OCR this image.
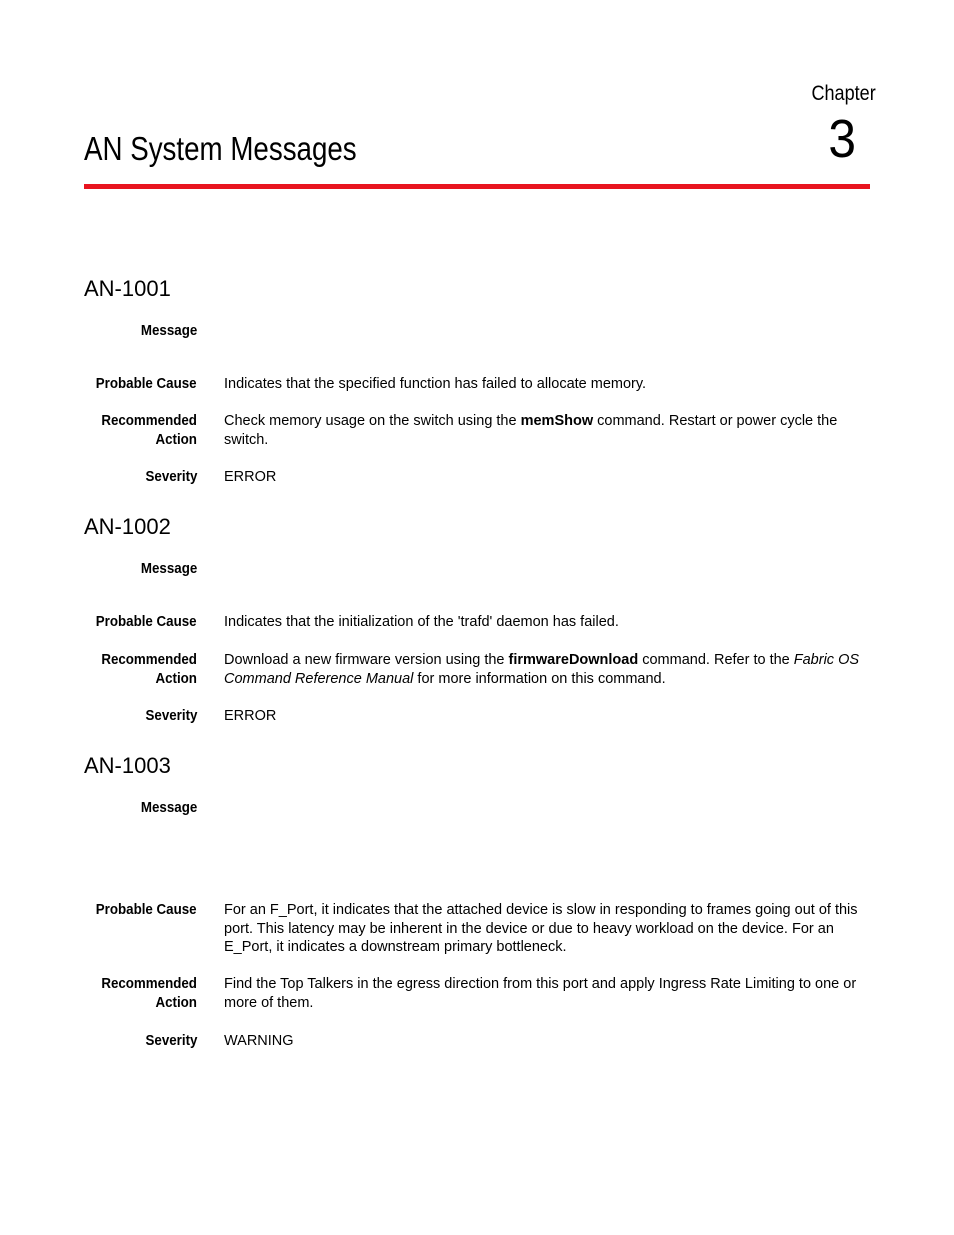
Chapter
3
AN System Messages
AN-1001
Message
Probable Cause Indicates that the specified function has failed to allocate memory.
Recommended
Action
Check memory usage on the switch using the memShow command. Restart or power cycle the switch.
Severity ERROR
AN-1002
Message
Probable Cause Indicates that the initialization of the 'trafd' daemon has failed.
Recommended
Action
Download a new firmware version using the firmwareDownload command. Refer to the Fabric OS Command Reference Manual for more information on this command.
Severity ERROR
AN-1003
Message
Probable Cause For an F_Port, it indicates that the attached device is slow in responding to frames going out of this port. This latency may be inherent in the device or due to heavy workload on the device. For an E_Port, it indicates a downstream primary bottleneck.
Recommended
Action
Find the Top Talkers in the egress direction from this port and apply Ingress Rate Limiting to one or more of them.
Severity WARNING
